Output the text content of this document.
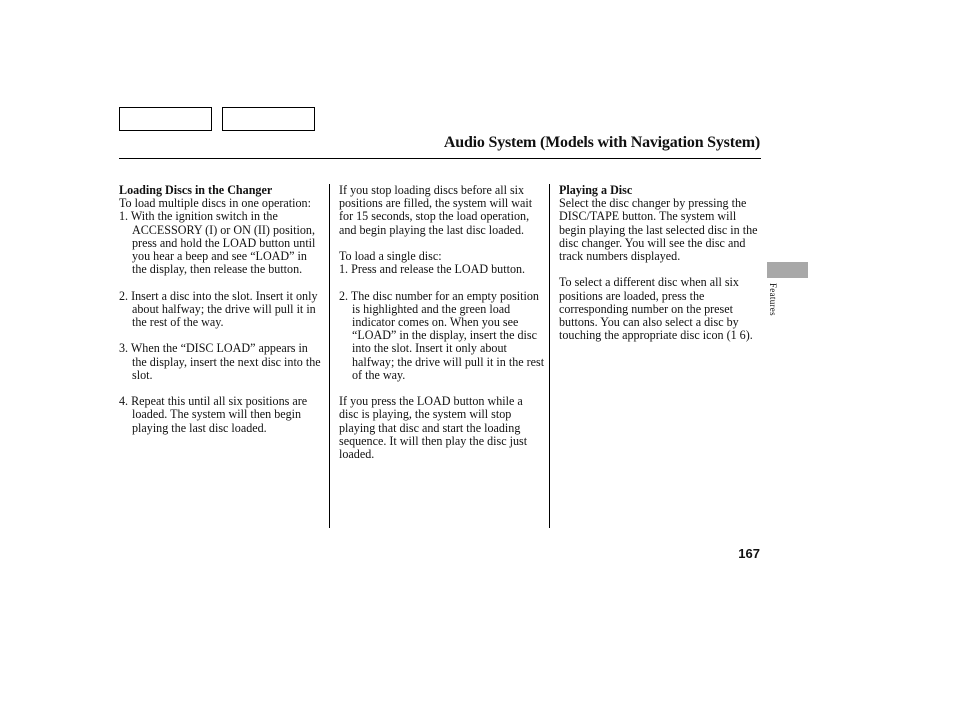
Audio System (Models with Navigation System)
Loading Discs in the Changer

To load multiple discs in one operation:

1. With the ignition switch in the ACCESSORY (I) or ON (II) position, press and hold the LOAD button until you hear a beep and see “LOAD” in the display, then release the button.
2. Insert a disc into the slot. Insert it only about halfway; the drive will pull it in the rest of the way.
3. When the “DISC LOAD” appears in the display, insert the next disc into the slot.
4. Repeat this until all six positions are loaded. The system will then begin playing the last disc loaded.

If you stop loading discs before all six positions are filled, the system will wait for 15 seconds, stop the load operation, and begin playing the last disc loaded.

To load a single disc:

1. Press and release the LOAD button.
2. The disc number for an empty position is highlighted and the green load indicator comes on. When you see “LOAD” in the display, insert the disc into the slot. Insert it only about halfway; the drive will pull it in the rest of the way.

If you press the LOAD button while a disc is playing, the system will stop playing that disc and start the loading sequence. It will then play the disc just loaded.

Playing a Disc

Select the disc changer by pressing the DISC/TAPE button. The system will begin playing the last selected disc in the disc changer. You will see the disc and track numbers displayed.

To select a different disc when all six positions are loaded, press the corresponding number on the preset buttons. You can also select a disc by touching the appropriate disc icon (1 6).

Features
167
